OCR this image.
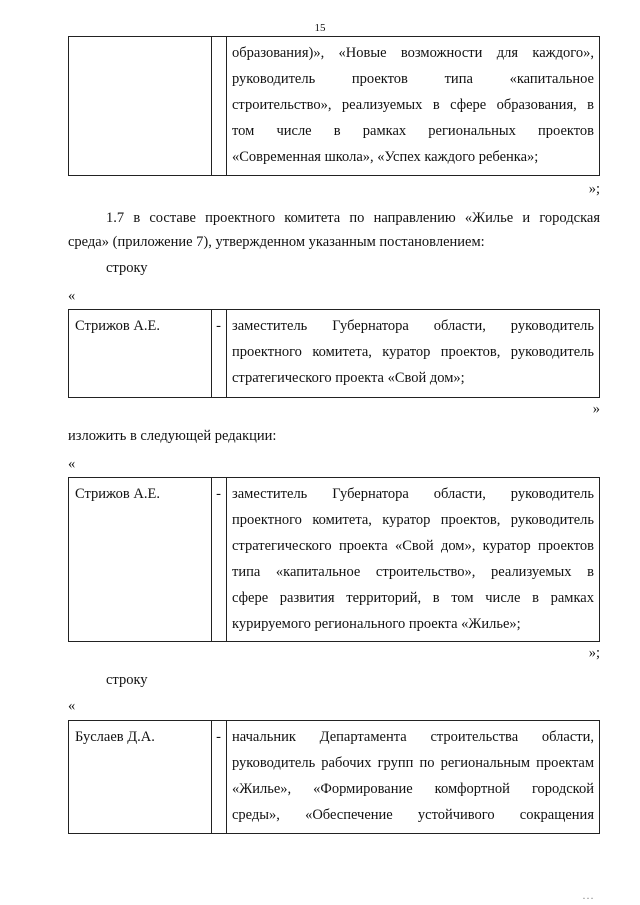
15
образования)», «Новые возможности для каждого»,
руководитель проектов типа «капитальное
строительство», реализуемых в сфере образования, в
том числе в рамках региональных проектов
«Современная школа», «Успех каждого ребенка»;
»;
1.7 в составе проектного комитета по направлению «Жилье и городская
среда» (приложение 7), утвержденном указанным постановлением:
строку
«
Стрижов А.Е.	- заместитель Губернатора области, руководитель
проектного комитета, куратор проектов, руководитель
стратегического проекта «Свой дом»;
»
изложить в следующей редакции:
«
Стрижов А.Е.	- заместитель Губернатора области, руководитель
проектного комитета, куратор проектов, руководитель
стратегического проекта «Свой дом», куратор проектов
типа «капитальное строительство», реализуемых в
сфере развития территорий, в том числе в рамках
курируемого регионального проекта «Жилье»;
»;
строку
«
Буслаев Д.А.	- начальник Департамента строительства области,
руководитель рабочих групп по региональным проектам
«Жилье», «Формирование комфортной городской
среды», «Обеспечение устойчивого сокращения
…
